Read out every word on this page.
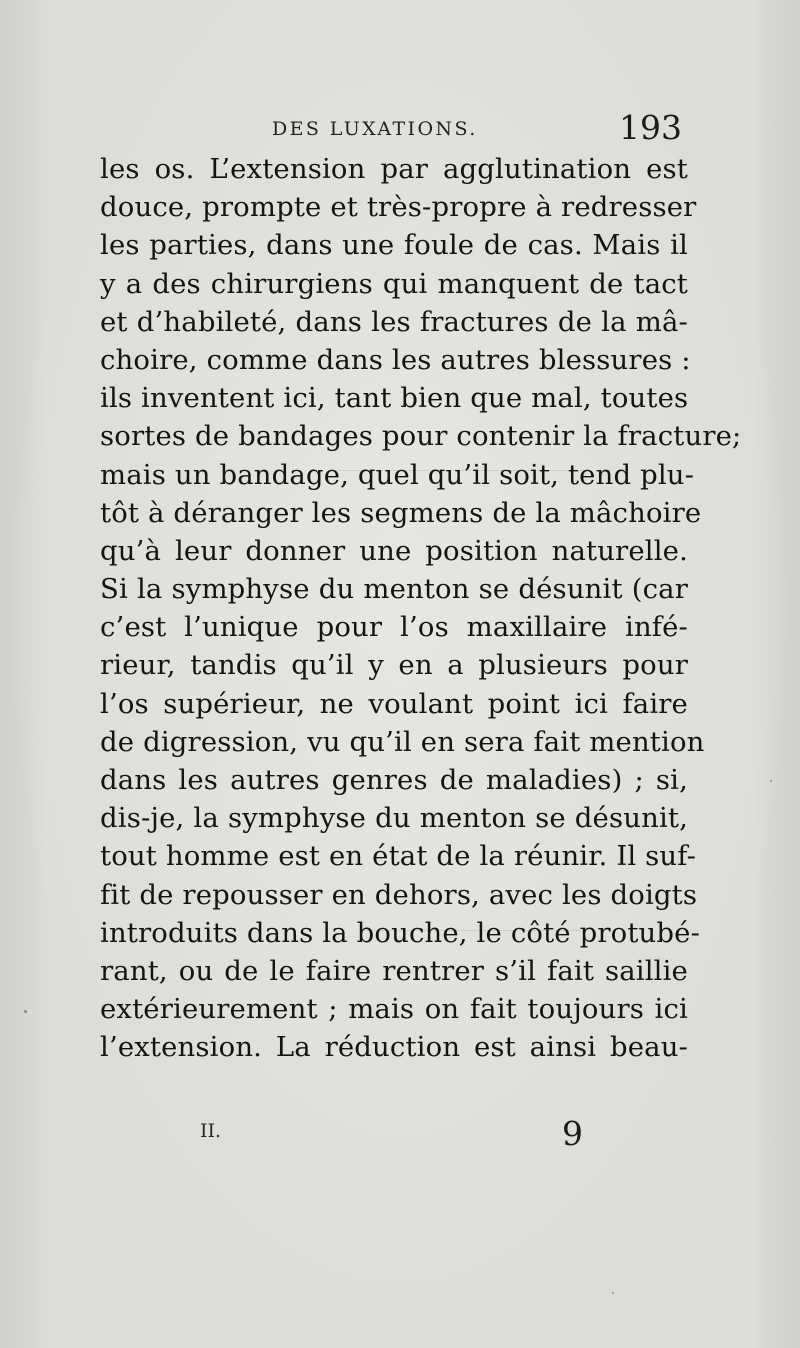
DES LUXATIONS.	193
les os. L’extension par agglutination est
douce, prompte et très-propre à redresser
les parties, dans une foule de cas. Mais il
y a des chirurgiens qui manquent de tact
et d’habileté, dans les fractures de la mâ-
choire, comme dans les autres blessures :
ils inventent ici, tant bien que mal, toutes
sortes de bandages pour contenir la fracture;
mais un bandage, quel qu’il soit, tend plu-
tôt à déranger les segmens de la mâchoire
qu’à leur donner une position naturelle.
Si la symphyse du menton se désunit (car
c’est l’unique pour l’os maxillaire infé-
rieur, tandis qu’il y en a plusieurs pour
l’os supérieur, ne voulant point ici faire
de digression, vu qu’il en sera fait mention
dans les autres genres de maladies) ; si,
dis-je, la symphyse du menton se désunit,
tout homme est en état de la réunir. Il suf-
fit de repousser en dehors, avec les doigts
introduits dans la bouche, le côté protubé-
rant, ou de le faire rentrer s’il fait saillie
extérieurement ; mais on fait toujours ici
l’extension. La réduction est ainsi beau-
II.	9
